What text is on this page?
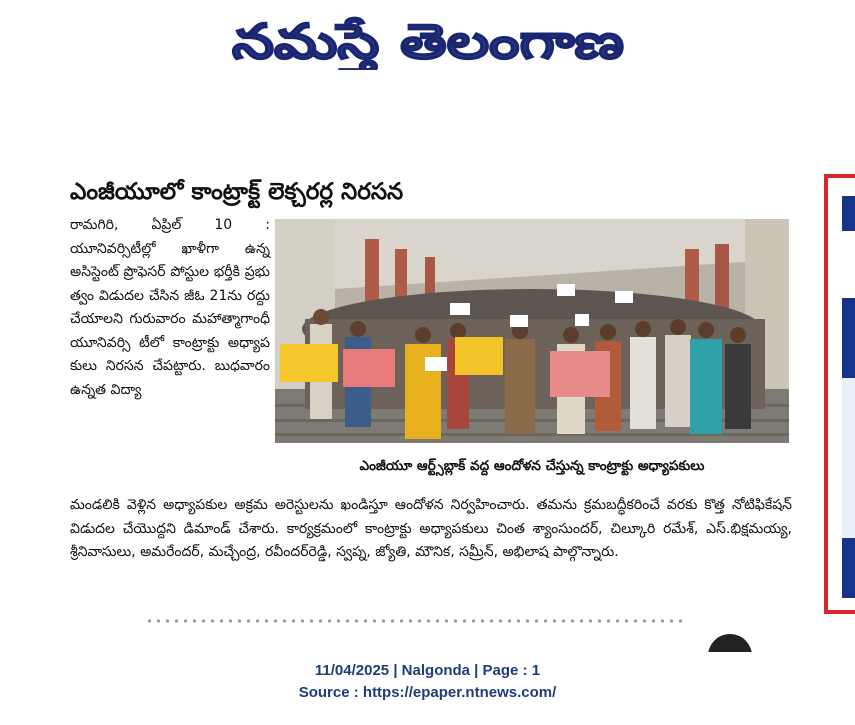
నమస్తే తెలంగాణ
ఎంజీయూలో కాంట్రాక్ట్ లెక్చరర్ల నిరసన

రామగిరి, ఏప్రిల్ 10 : యూనివర్సిటీల్లో ఖాళీగా ఉన్న అసిస్టెంట్ ప్రొఫెసర్ పోస్టుల భర్తీకి ప్రభు త్వం విడుదల చేసిన జీఓ 21ను రద్దు చేయాలని గురువారం మహాత్మాగాంధీ యూనివర్సి టీలో కాంట్రాక్టు అధ్యాప కులు నిరసన చేపట్టారు. బుధవారం ఉన్నత విద్యా

ఎంజీయూ ఆర్ట్స్‌బ్లాక్ వద్ద ఆందోళన చేస్తున్న కాంట్రాక్టు అధ్యాపకులు

మండలికి వెళ్లిన అధ్యాపకుల అక్రమ అరెస్టులను ఖండిస్తూ ఆందోళన నిర్వహించారు. తమను క్రమబద్ధీకరించే వరకు కొత్త నోటిఫికేషన్ విడుదల చేయొద్దని డిమాండ్ చేశారు. కార్యక్రమంలో కాంట్రాక్టు అధ్యాపకులు చింత శ్యాంసుందర్, చిల్కూరి రమేశ్, ఎస్.భిక్షమయ్య, శ్రీనివాసులు, అమరేందర్, మచ్చేంద్ర, రవీందర్‌రెడ్డి, స్వప్న, జ్యోతి, మౌనిక, సమ్రీన్, అభిలాష పాల్గొన్నారు.

11/04/2025 | Nalgonda | Page : 1
Source : https://epaper.ntnews.com/
